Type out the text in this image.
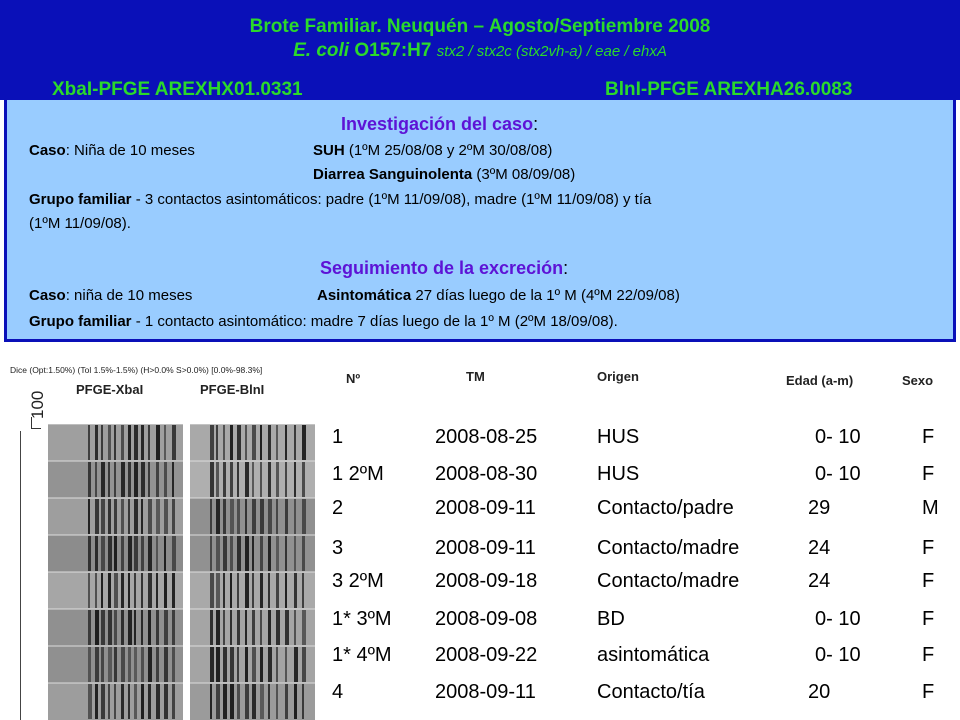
Brote Familiar. Neuquén – Agosto/Septiembre 2008
E. coli O157:H7 stx2 / stx2c (stx2vh-a) / eae / ehxA
XbaI-PFGE AREXHX01.0331	BlnI-PFGE AREXHA26.0083
Investigación del caso:
Caso: Niña de 10 meses	SUH (1ºM 25/08/08 y 2ºM 30/08/08)
Diarrea Sanguinolenta (3ºM 08/09/08)
Grupo familiar - 3 contactos asintomáticos: padre (1ºM 11/09/08), madre (1ºM 11/09/08) y tía
(1ºM 11/09/08).
Seguimiento de la excreción:
Caso: niña de 10 meses	Asintomática 27 días luego de la 1º M (4ºM 22/09/08)
Grupo familiar - 1 contacto asintomático: madre 7 días luego de la 1º M (2ºM 18/09/08).
Dice (Opt:1.50%) (Tol 1.5%-1.5%) (H>0.0% S>0.0%) [0.0%-98.3%]
100
PFGE-XbaI	PFGE-BlnI
Nº	TM	Origen	Edad (a-m)	Sexo
1	2008-08-25	HUS	0- 10	F
1 2ºM	2008-08-30	HUS	0- 10	F
2	2008-09-11	Contacto/padre	29	M
3	2008-09-11	Contacto/madre	24	F
3 2ºM	2008-09-18	Contacto/madre	24	F
1* 3ºM 2008-09-08	BD	0- 10	F
1* 4ºM 2008-09-22	asintomática	0- 10	F
4	2008-09-11	Contacto/tía	20	F
